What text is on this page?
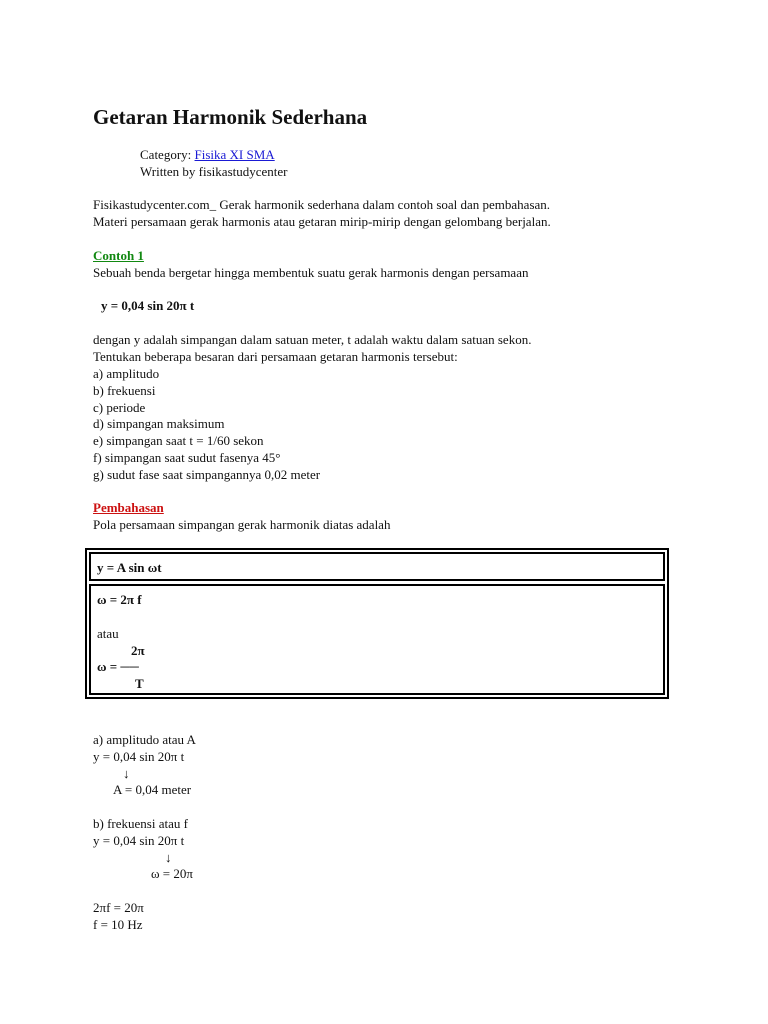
Getaran Harmonik Sederhana
Category: Fisika XI SMA
Written by fisikastudycenter
Fisikastudycenter.com_ Gerak harmonik sederhana dalam contoh soal dan pembahasan.
Materi persamaan gerak harmonis atau getaran mirip-mirip dengan gelombang berjalan.
Contoh 1
Sebuah benda bergetar hingga membentuk suatu gerak harmonis dengan persamaan
y = 0,04 sin 20π t
dengan y adalah simpangan dalam satuan meter, t adalah waktu dalam satuan sekon.
Tentukan beberapa besaran dari persamaan getaran harmonis tersebut:
a) amplitudo
b) frekuensi
c) periode
d) simpangan maksimum
e) simpangan saat t = 1/60 sekon
f) simpangan saat sudut fasenya 45°
g) sudut fase saat simpangannya 0,02 meter
Pembahasan
Pola persamaan simpangan gerak harmonik diatas adalah
y = A sin ωt
ω = 2π f
atau
2π
ω = ──
T
a) amplitudo atau A
y = 0,04 sin 20π t
↓
A = 0,04 meter
b) frekuensi atau f
y = 0,04 sin 20π t
↓
ω = 20π
2πf = 20π
f = 10 Hz
